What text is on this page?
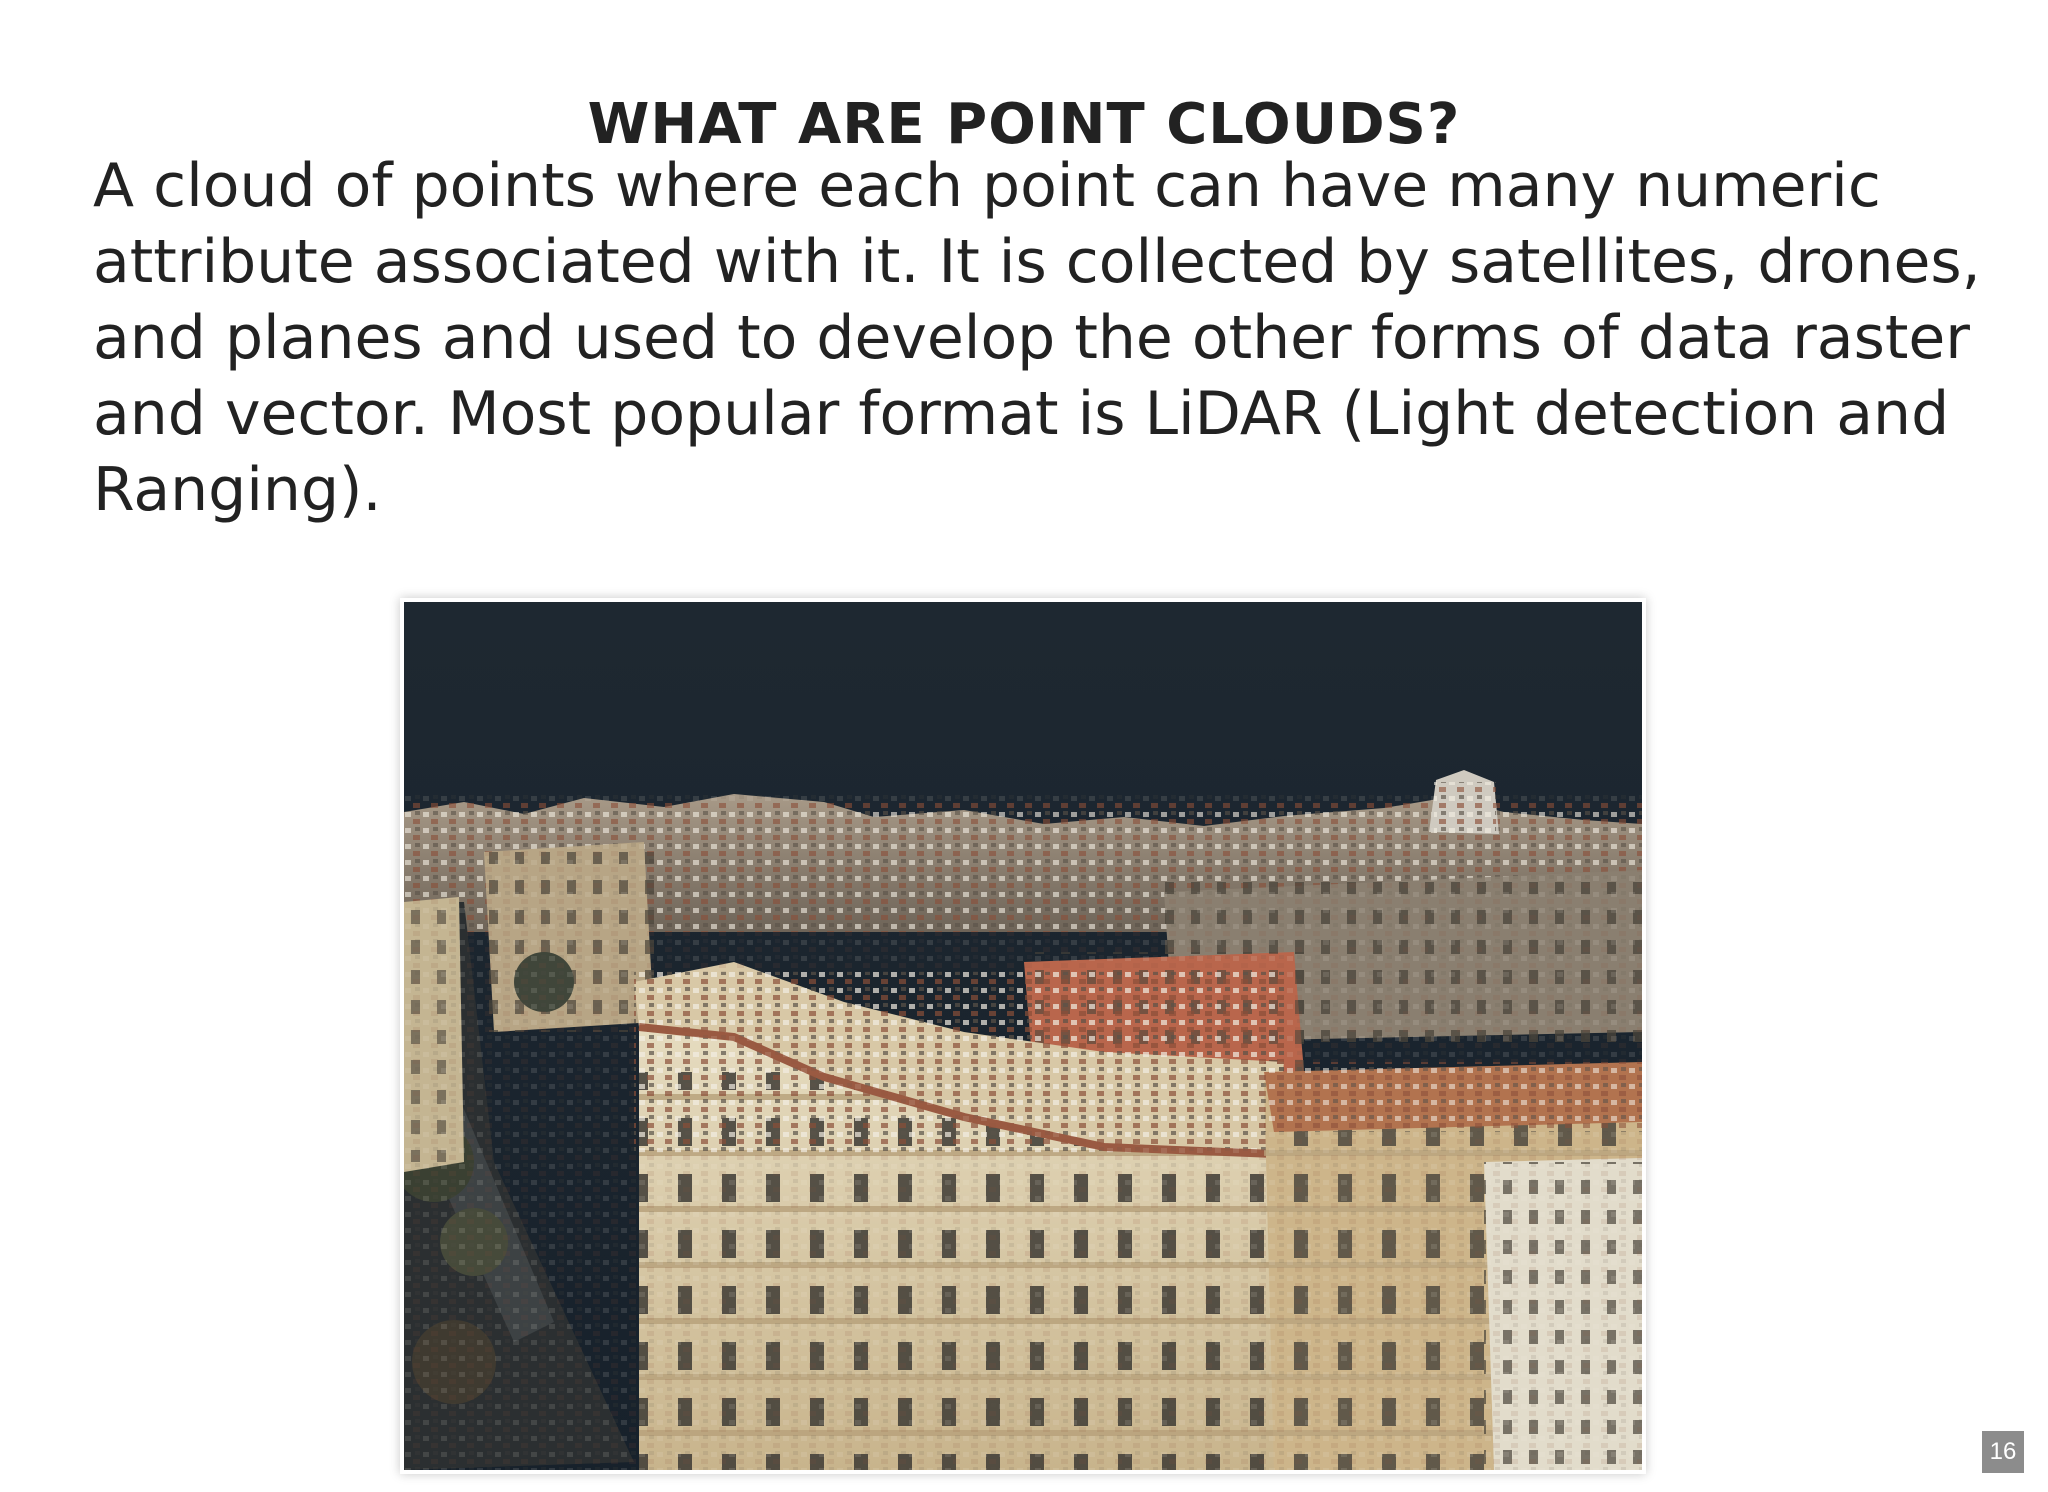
WHAT ARE POINT CLOUDS?

A cloud of points where each point can have many numeric attribute associated with it. It is collected by satellites, drones, and planes and used to develop the other forms of data raster and vector. Most popular format is LiDAR (Light detection and Ranging).

16
